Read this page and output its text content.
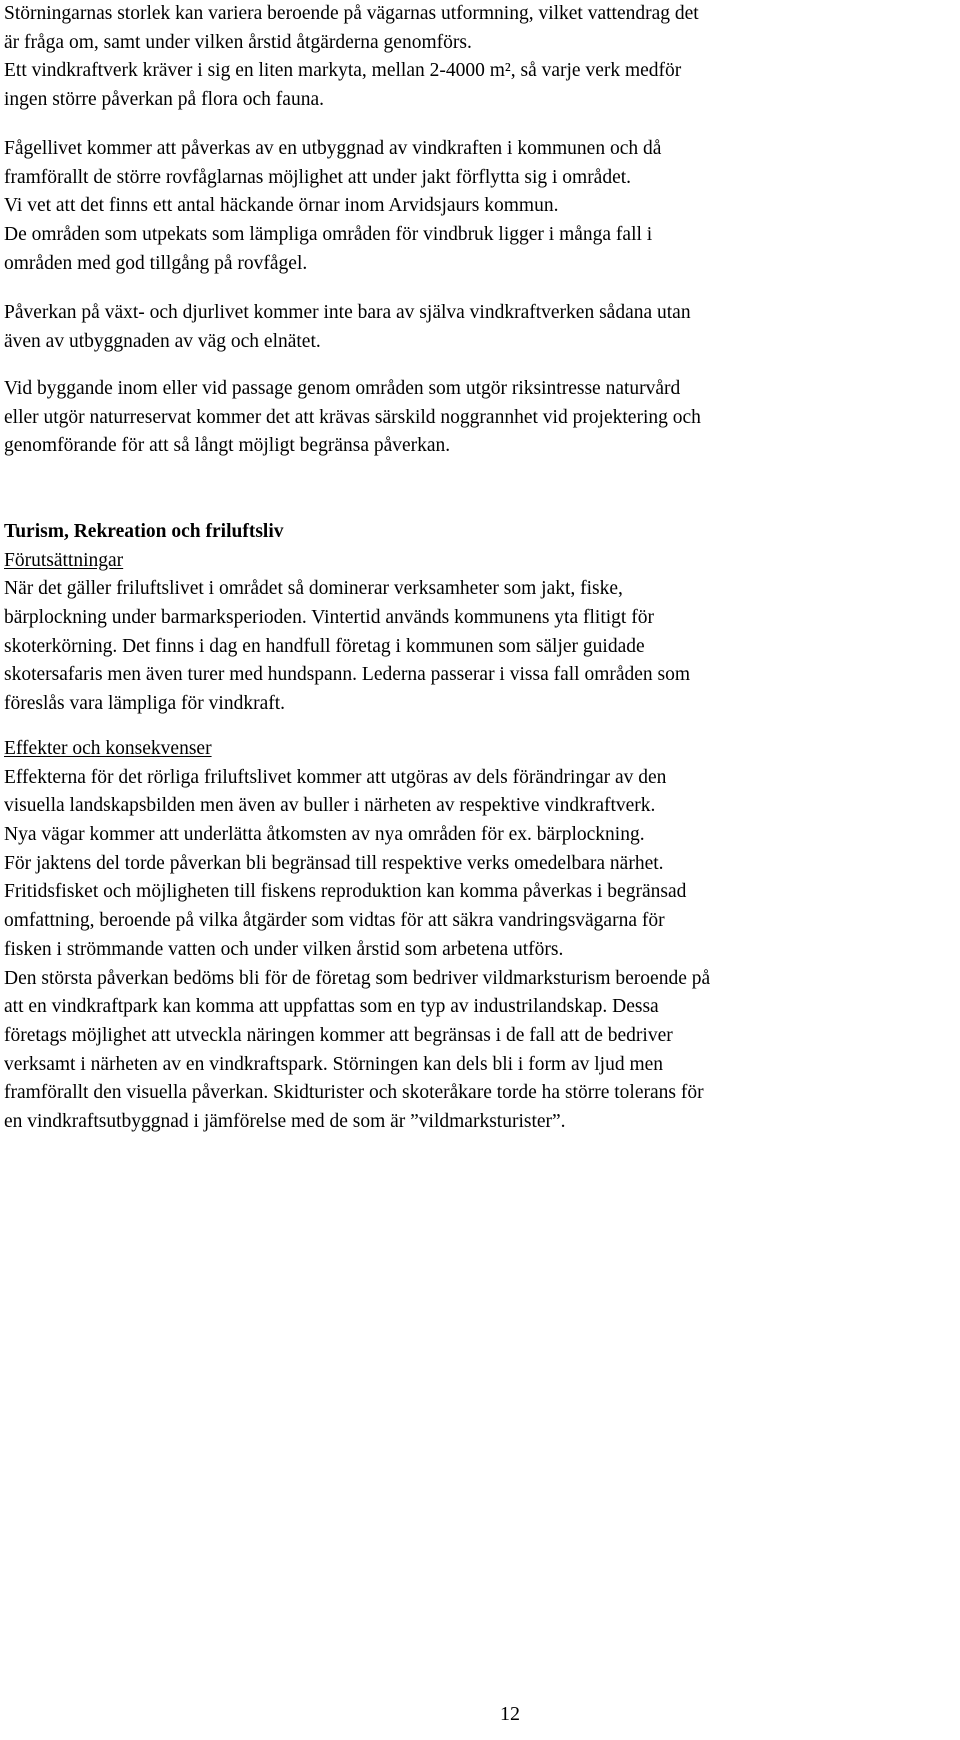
Störningarnas storlek kan variera beroende på vägarnas utformning, vilket vattendrag det
är fråga om, samt under vilken årstid åtgärderna genomförs.
Ett vindkraftverk kräver i sig en liten markyta, mellan 2-4000 m², så varje verk medför
ingen större påverkan på flora och fauna.
Fågellivet kommer att påverkas av en utbyggnad av vindkraften i kommunen och då
framförallt de större rovfåglarnas möjlighet att under jakt förflytta sig i området.
Vi vet att det finns ett antal häckande örnar inom Arvidsjaurs kommun.
De områden som utpekats som lämpliga områden för vindbruk ligger i många fall i
områden med god tillgång på rovfågel.
Påverkan på växt- och djurlivet kommer inte bara av själva vindkraftverken sådana utan
även av utbyggnaden av väg och elnätet.
Vid byggande inom eller vid passage genom områden som utgör riksintresse naturvård
eller utgör naturreservat kommer det att krävas särskild noggrannhet vid projektering och
genomförande för att så långt möjligt begränsa påverkan.
Turism, Rekreation och friluftsliv
Förutsättningar
När det gäller friluftslivet i området så dominerar verksamheter som jakt, fiske,
bärplockning under barmarksperioden. Vintertid används kommunens yta flitigt för
skoterkörning. Det finns i dag en handfull företag i kommunen som säljer guidade
skotersafaris men även turer med hundspann. Lederna passerar i vissa fall områden som
föreslås vara lämpliga för vindkraft.
Effekter och konsekvenser
Effekterna för det rörliga friluftslivet kommer att utgöras av dels förändringar av den
visuella landskapsbilden men även av buller i närheten av respektive vindkraftverk.
Nya vägar kommer att underlätta åtkomsten av nya områden för ex. bärplockning.
För jaktens del torde påverkan bli begränsad till respektive verks omedelbara närhet.
Fritidsfisket och möjligheten till fiskens reproduktion kan komma påverkas i begränsad
omfattning, beroende på vilka åtgärder som vidtas för att säkra vandringsvägarna för
fisken i strömmande vatten och under vilken årstid som arbetena utförs.
Den största påverkan bedöms bli för de företag som bedriver vildmarksturism beroende på
att en vindkraftpark kan komma att uppfattas som en typ av industrilandskap. Dessa
företags möjlighet att utveckla näringen kommer att begränsas i de fall att de bedriver
verksamt i närheten av en vindkraftspark. Störningen kan dels bli i form av ljud men
framförallt den visuella påverkan. Skidturister och skoteråkare torde ha större tolerans för
en vindkraftsutbyggnad i jämförelse med de som är ”vildmarksturister”.
12
